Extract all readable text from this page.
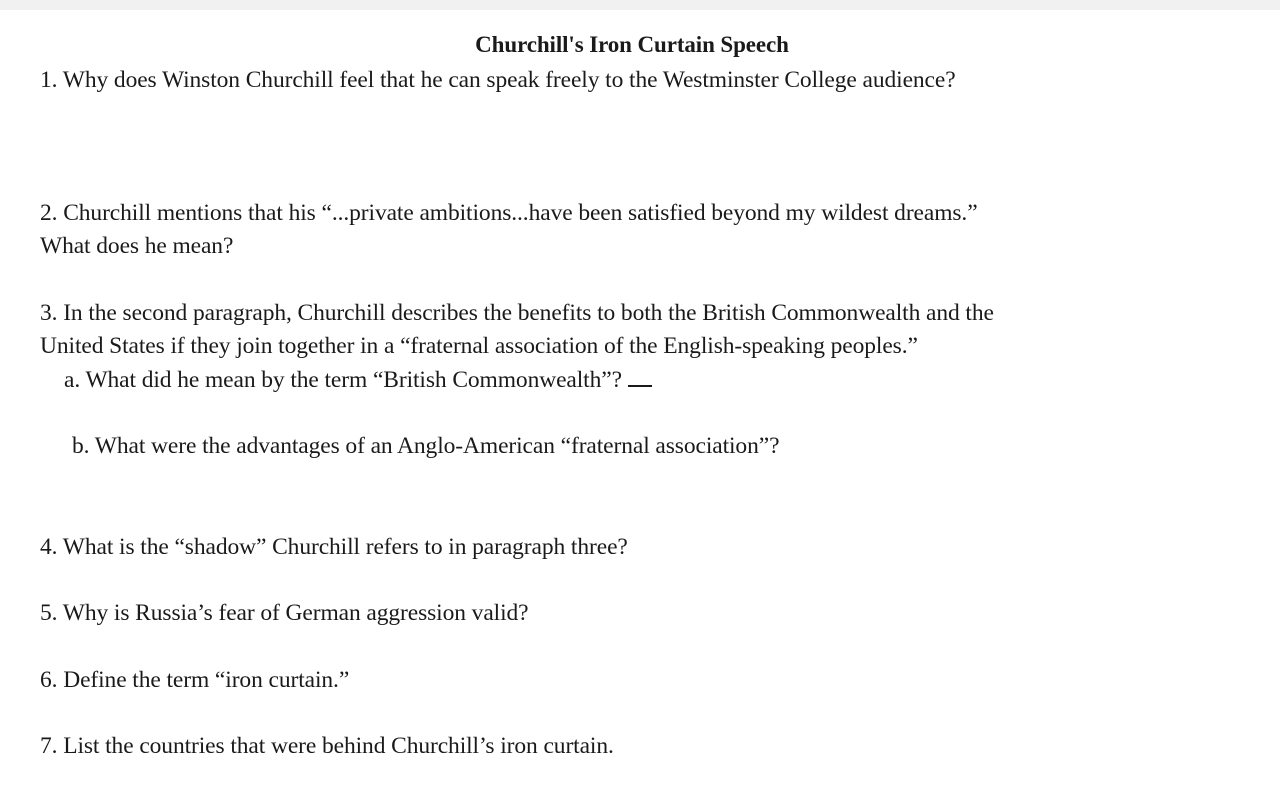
Churchill's Iron Curtain Speech
1. Why does Winston Churchill feel that he can speak freely to the Westminster College audience?
2. Churchill mentions that his “...private ambitions...have been satisfied beyond my wildest dreams.”
What does he mean?
3. In the second paragraph, Churchill describes the benefits to both the British Commonwealth and the
United States if they join together in a “fraternal association of the English-speaking peoples.”
a. What did he mean by the term “British Commonwealth”?
b. What were the advantages of an Anglo-American “fraternal association”?
4. What is the “shadow” Churchill refers to in paragraph three?
5. Why is Russia’s fear of German aggression valid?
6. Define the term “iron curtain.”
7. List the countries that were behind Churchill’s iron curtain.
